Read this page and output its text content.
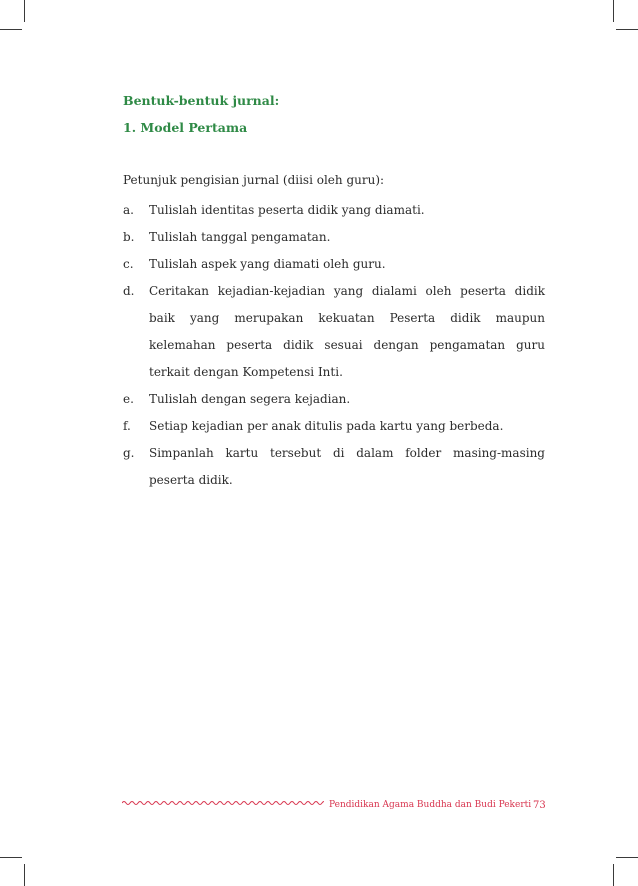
Bentuk-bentuk jurnal:
1. Model Pertama
Petunjuk pengisian jurnal (diisi oleh guru):
a. Tulislah identitas peserta didik yang diamati.
b. Tulislah tanggal pengamatan.
c. Tulislah aspek yang diamati oleh guru.
d. Ceritakan kejadian-kejadian yang dialami oleh peserta didik baik yang merupakan kekuatan Peserta didik maupun kelemahan peserta didik sesuai dengan pengamatan guru terkait dengan Kompetensi Inti.
e. Tulislah dengan segera kejadian.
f. Setiap kejadian per anak ditulis pada kartu yang berbeda.
g. Simpanlah kartu tersebut di dalam folder masing-masing peserta didik.
Pendidikan Agama Buddha dan Budi Pekerti 73
